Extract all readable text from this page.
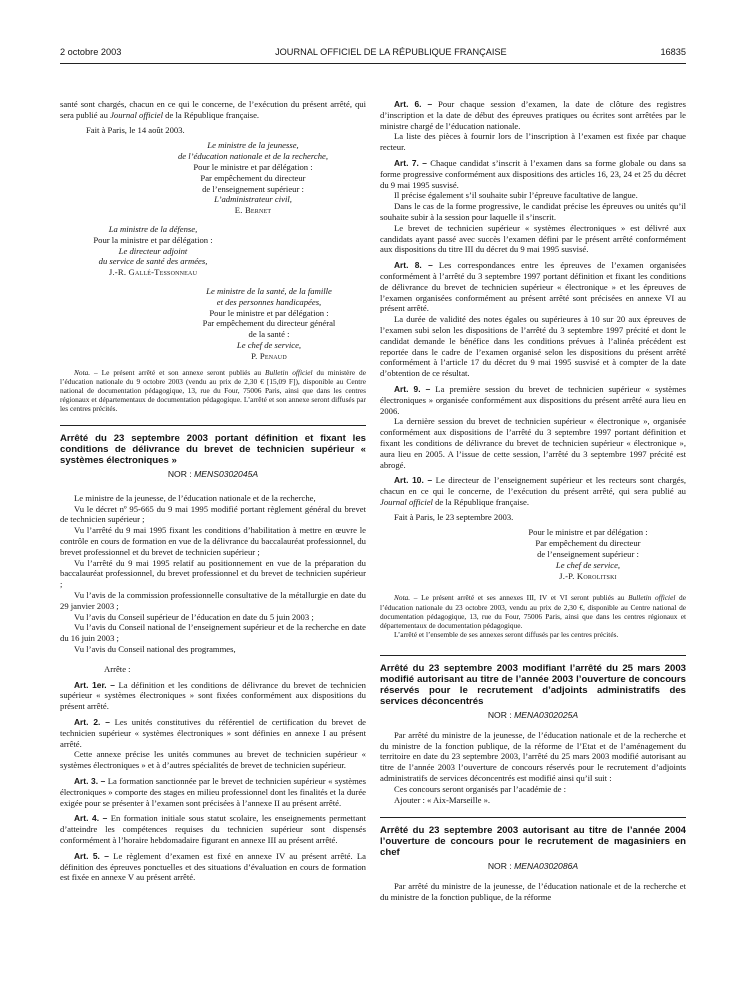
2 octobre 2003	JOURNAL OFFICIEL DE LA RÉPUBLIQUE FRANÇAISE	16835

santé sont chargés, chacun en ce qui le concerne, de l’exécution du présent arrêté, qui sera publié au Journal officiel de la République française.

Fait à Paris, le 14 août 2003.

Le ministre de la jeunesse,
de l’éducation nationale et de la recherche,
Pour le ministre et par délégation :
Par empêchement du directeur
de l’enseignement supérieur :
L’administrateur civil,
E. Bernet
La ministre de la défense,
Pour la ministre et par délégation :
Le directeur adjoint
du service de santé des armées,
J.-R. Gallé-Tessonneau
Le ministre de la santé, de la famille
et des personnes handicapées,
Pour le ministre et par délégation :
Par empêchement du directeur général
de la santé :
Le chef de service,
P. Penaud

Nota. – Le présent arrêté et son annexe seront publiés au Bulletin officiel du ministère de l’éducation nationale du 9 octobre 2003 (vendu au prix de 2,30 € [15,09 F]), disponible au Centre national de documentation pédagogique, 13, rue du Four, 75006 Paris, ainsi que dans les centres régionaux et départementaux de documentation pédagogique. L’arrêté et son annexe seront diffusés par les centres précités.

Arrêté du 23 septembre 2003 portant définition et fixant les conditions de délivrance du brevet de technicien supérieur « systèmes électroniques »

NOR : MENS0302045A

Le ministre de la jeunesse, de l’éducation nationale et de la recherche,

Vu le décret nº 95-665 du 9 mai 1995 modifié portant règlement général du brevet de technicien supérieur ;

Vu l’arrêté du 9 mai 1995 fixant les conditions d’habilitation à mettre en œuvre le contrôle en cours de formation en vue de la délivrance du baccalauréat professionnel, du brevet professionnel et du brevet de technicien supérieur ;

Vu l’arrêté du 9 mai 1995 relatif au positionnement en vue de la préparation du baccalauréat professionnel, du brevet professionnel et du brevet de technicien supérieur ;

Vu l’avis de la commission professionnelle consultative de la métallurgie en date du 29 janvier 2003 ;

Vu l’avis du Conseil supérieur de l’éducation en date du 5 juin 2003 ;

Vu l’avis du Conseil national de l’enseignement supérieur et de la recherche en date du 16 juin 2003 ;

Vu l’avis du Conseil national des programmes,

Arrête :

Art. 1er. – La définition et les conditions de délivrance du brevet de technicien supérieur « systèmes électroniques » sont fixées conformément aux dispositions du présent arrêté.

Art. 2. – Les unités constitutives du référentiel de certification du brevet de technicien supérieur « systèmes électroniques » sont définies en annexe I au présent arrêté.

Cette annexe précise les unités communes au brevet de technicien supérieur « systèmes électroniques » et à d’autres spécialités de brevet de technicien supérieur.

Art. 3. – La formation sanctionnée par le brevet de technicien supérieur « systèmes électroniques » comporte des stages en milieu professionnel dont les finalités et la durée exigée pour se présenter à l’examen sont précisées à l’annexe II au présent arrêté.

Art. 4. – En formation initiale sous statut scolaire, les enseignements permettant d’atteindre les compétences requises du technicien supérieur sont dispensés conformément à l’horaire hebdomadaire figurant en annexe III au présent arrêté.

Art. 5. – Le règlement d’examen est fixé en annexe IV au présent arrêté. La définition des épreuves ponctuelles et des situations d’évaluation en cours de formation est fixée en annexe V au présent arrêté.

Art. 6. – Pour chaque session d’examen, la date de clôture des registres d’inscription et la date de début des épreuves pratiques ou écrites sont arrêtées par le ministre chargé de l’éducation nationale.

La liste des pièces à fournir lors de l’inscription à l’examen est fixée par chaque recteur.

Art. 7. – Chaque candidat s’inscrit à l’examen dans sa forme globale ou dans sa forme progressive conformément aux dispositions des articles 16, 23, 24 et 25 du décret du 9 mai 1995 susvisé.

Il précise également s’il souhaite subir l’épreuve facultative de langue.

Dans le cas de la forme progressive, le candidat précise les épreuves ou unités qu’il souhaite subir à la session pour laquelle il s’inscrit.

Le brevet de technicien supérieur « systèmes électroniques » est délivré aux candidats ayant passé avec succès l’examen défini par le présent arrêté conformément aux dispositions du titre III du décret du 9 mai 1995 susvisé.

Art. 8. – Les correspondances entre les épreuves de l’examen organisées conformément à l’arrêté du 3 septembre 1997 portant définition et fixant les conditions de délivrance du brevet de technicien supérieur « électronique » et les épreuves de l’examen organisées conformément au présent arrêté sont précisées en annexe VI au présent arrêté.

La durée de validité des notes égales ou supérieures à 10 sur 20 aux épreuves de l’examen subi selon les dispositions de l’arrêté du 3 septembre 1997 précité et dont le candidat demande le bénéfice dans les conditions prévues à l’alinéa précédent est reportée dans le cadre de l’examen organisé selon les dispositions du présent arrêté conformément à l’article 17 du décret du 9 mai 1995 susvisé et à compter de la date d’obtention de ce résultat.

Art. 9. – La première session du brevet de technicien supérieur « systèmes électroniques » organisée conformément aux dispositions du présent arrêté aura lieu en 2006.

La dernière session du brevet de technicien supérieur « électronique », organisée conformément aux dispositions de l’arrêté du 3 septembre 1997 portant définition et fixant les conditions de délivrance du brevet de technicien supérieur « électronique », aura lieu en 2005. A l’issue de cette session, l’arrêté du 3 septembre 1997 précité est abrogé.

Art. 10. – Le directeur de l’enseignement supérieur et les recteurs sont chargés, chacun en ce qui le concerne, de l’exécution du présent arrêté, qui sera publié au Journal officiel de la République française.

Fait à Paris, le 23 septembre 2003.

Pour le ministre et par délégation :
Par empêchement du directeur
de l’enseignement supérieur :
Le chef de service,
J.-P. Korolitski

Nota. – Le présent arrêté et ses annexes III, IV et VI seront publiés au Bulletin officiel de l’éducation nationale du 23 octobre 2003, vendu au prix de 2,30 €, disponible au Centre national de documentation pédagogique, 13, rue du Four, 75006 Paris, ainsi que dans les centres régionaux et départementaux de documentation pédagogique.

L’arrêté et l’ensemble de ses annexes seront diffusés par les centres précités.

Arrêté du 23 septembre 2003 modifiant l’arrêté du 25 mars 2003 modifié autorisant au titre de l’année 2003 l’ouverture de concours réservés pour le recrutement d’adjoints administratifs des services déconcentrés

NOR : MENA0302025A

Par arrêté du ministre de la jeunesse, de l’éducation nationale et de la recherche et du ministre de la fonction publique, de la réforme de l’Etat et de l’aménagement du territoire en date du 23 septembre 2003, l’arrêté du 25 mars 2003 modifié autorisant au titre de l’année 2003 l’ouverture de concours réservés pour le recrutement d’adjoints administratifs de services déconcentrés est modifié ainsi qu’il suit :

Ces concours seront organisés par l’académie de :

Ajouter : « Aix-Marseille ».

Arrêté du 23 septembre 2003 autorisant au titre de l’année 2004 l’ouverture de concours pour le recrutement de magasiniers en chef

NOR : MENA0302086A

Par arrêté du ministre de la jeunesse, de l’éducation nationale et de la recherche et du ministre de la fonction publique, de la réforme
